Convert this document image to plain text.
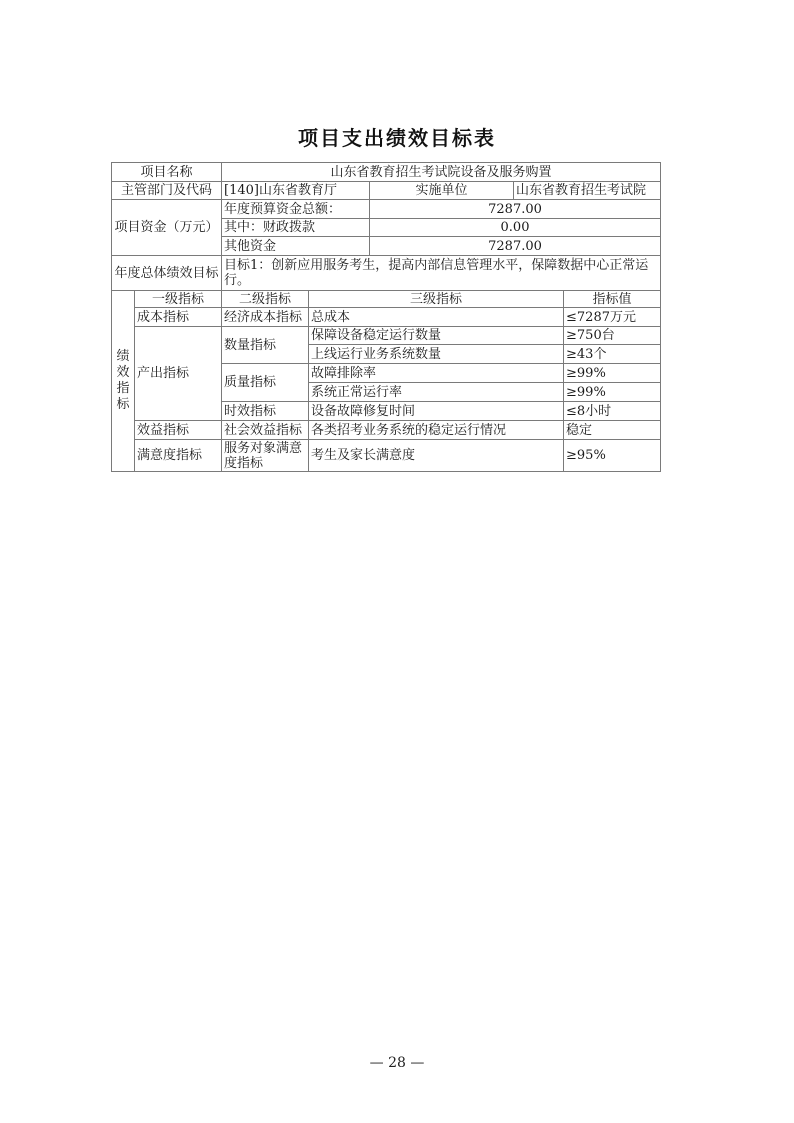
项目支出绩效目标表
项目名称		山东省教育招生考试院设备及服务购置				
主管部门及代码		[140]山东省教育厅		实施单位	山东省教育招生考试院	
项目资金（万元）		年度预算资金总额：		7287.00		
		其中：财政拨款		0.00		
		其他资金		7287.00		
年度总体绩效目标		目标1：创新应用服务考生，提高内部信息管理水平，保障数据中心正常运行。				
绩效指标	一级指标	二级指标	三级指标			指标值
	成本指标	经济成本指标	总成本			≤7287万元
	产出指标	数量指标	保障设备稳定运行数量			≥750台
			上线运行业务系统数量			≥43个
		质量指标	故障排除率			≥99%
			系统正常运行率			≥99%
		时效指标	设备故障修复时间			≤8小时
	效益指标	社会效益指标	各类招考业务系统的稳定运行情况			稳定
	满意度指标	服务对象满意度指标	考生及家长满意度			≥95%
— 28 —
